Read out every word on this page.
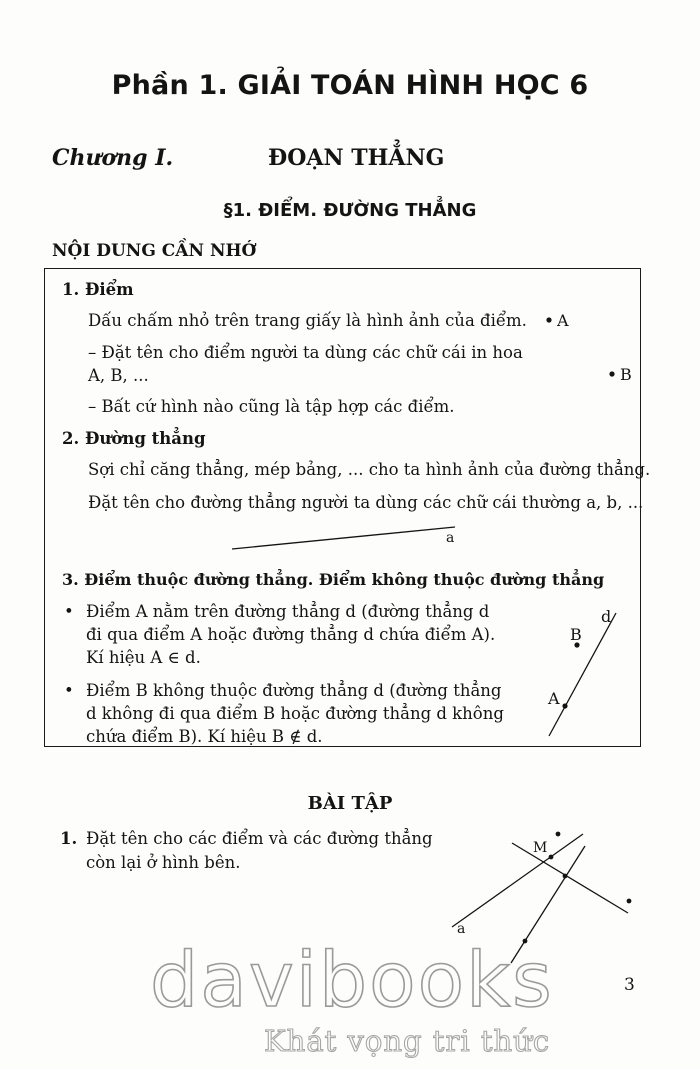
Phần 1. GIẢI TOÁN HÌNH HỌC 6
Chương I.	ĐOẠN THẲNG
§1. ĐIỂM. ĐƯỜNG THẲNG
NỘI DUNG CẦN NHỚ
1. Điểm
Dấu chấm nhỏ trên trang giấy là hình ảnh của điểm.
– Đặt tên cho điểm người ta dùng các chữ cái in hoa
A, B, ...
– Bất cứ hình nào cũng là tập hợp các điểm.
2. Đường thẳng
Sợi chỉ căng thẳng, mép bảng, ... cho ta hình ảnh của đường thẳng.
Đặt tên cho đường thẳng người ta dùng các chữ cái thường a, b, ...
3. Điểm thuộc đường thẳng. Điểm không thuộc đường thẳng
• Điểm A nằm trên đường thẳng d (đường thẳng d
đi qua điểm A hoặc đường thẳng d chứa điểm A).
Kí hiệu A ∈ d.
• Điểm B không thuộc đường thẳng d (đường thẳng
d không đi qua điểm B hoặc đường thẳng d không
chứa điểm B). Kí hiệu B ∉ d.
BÀI TẬP
1. Đặt tên cho các điểm và các đường thẳng
còn lại ở hình bên.
3
A
B
a
d
B
A
M
a
davibooks
Khát vọng tri thức
